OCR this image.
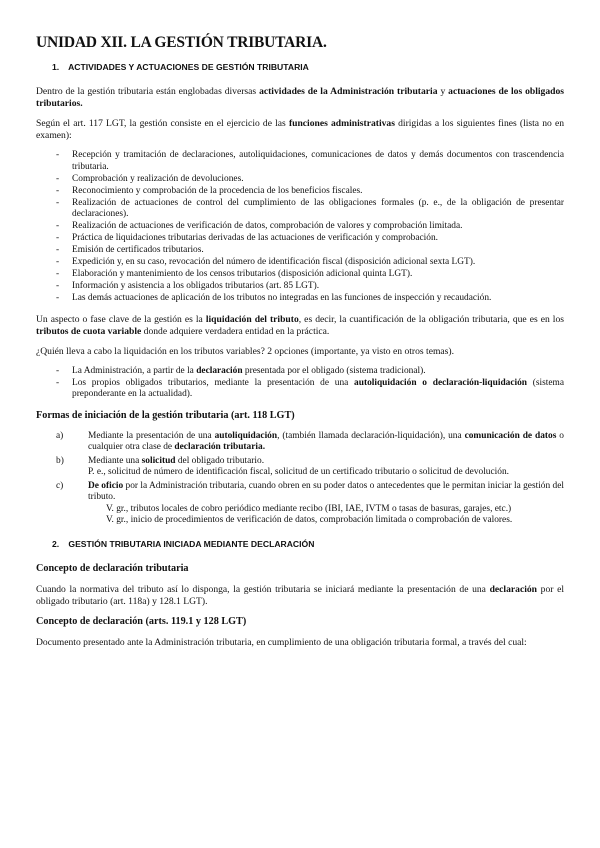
UNIDAD XII. LA GESTIÓN TRIBUTARIA.
1. ACTIVIDADES Y ACTUACIONES DE GESTIÓN TRIBUTARIA

Dentro de la gestión tributaria están englobadas diversas actividades de la Administración tributaria y actuaciones de los obligados tributarios.

Según el art. 117 LGT, la gestión consiste en el ejercicio de las funciones administrativas dirigidas a los siguientes fines (lista no en examen):

- Recepción y tramitación de declaraciones, autoliquidaciones, comunicaciones de datos y demás documentos con trascendencia tributaria.
- Comprobación y realización de devoluciones.
- Reconocimiento y comprobación de la procedencia de los beneficios fiscales.
- Realización de actuaciones de control del cumplimiento de las obligaciones formales (p. e., de la obligación de presentar declaraciones).
- Realización de actuaciones de verificación de datos, comprobación de valores y comprobación limitada.
- Práctica de liquidaciones tributarias derivadas de las actuaciones de verificación y comprobación.
- Emisión de certificados tributarios.
- Expedición y, en su caso, revocación del número de identificación fiscal (disposición adicional sexta LGT).
- Elaboración y mantenimiento de los censos tributarios (disposición adicional quinta LGT).
- Información y asistencia a los obligados tributarios (art. 85 LGT).
- Las demás actuaciones de aplicación de los tributos no integradas en las funciones de inspección y recaudación.

Un aspecto o fase clave de la gestión es la liquidación del tributo, es decir, la cuantificación de la obligación tributaria, que es en los tributos de cuota variable donde adquiere verdadera entidad en la práctica.

¿Quién lleva a cabo la liquidación en los tributos variables? 2 opciones (importante, ya visto en otros temas).

- La Administración, a partir de la declaración presentada por el obligado (sistema tradicional).
- Los propios obligados tributarios, mediante la presentación de una autoliquidación o declaración-liquidación (sistema preponderante en la actualidad).
Formas de iniciación de la gestión tributaria (art. 118 LGT)
a)	Mediante la presentación de una autoliquidación, (también llamada declaración-liquidación), una comunicación de datos o cualquier otra clase de declaración tributaria.
b)	Mediante una solicitud del obligado tributario.
P. e., solicitud de número de identificación fiscal, solicitud de un certificado tributario o solicitud de devolución.
c)	De oficio por la Administración tributaria, cuando obren en su poder datos o antecedentes que le permitan iniciar la gestión del tributo.
V. gr., tributos locales de cobro periódico mediante recibo (IBI, IAE, IVTM o tasas de basuras, garajes, etc.)
V. gr., inicio de procedimientos de verificación de datos, comprobación limitada o comprobación de valores.
2. GESTIÓN TRIBUTARIA INICIADA MEDIANTE DECLARACIÓN
Concepto de declaración tributaria

Cuando la normativa del tributo así lo disponga, la gestión tributaria se iniciará mediante la presentación de una declaración por el obligado tributario (art. 118a) y 128.1 LGT).

Concepto de declaración (arts. 119.1 y 128 LGT)

Documento presentado ante la Administración tributaria, en cumplimiento de una obligación tributaria formal, a través del cual:
